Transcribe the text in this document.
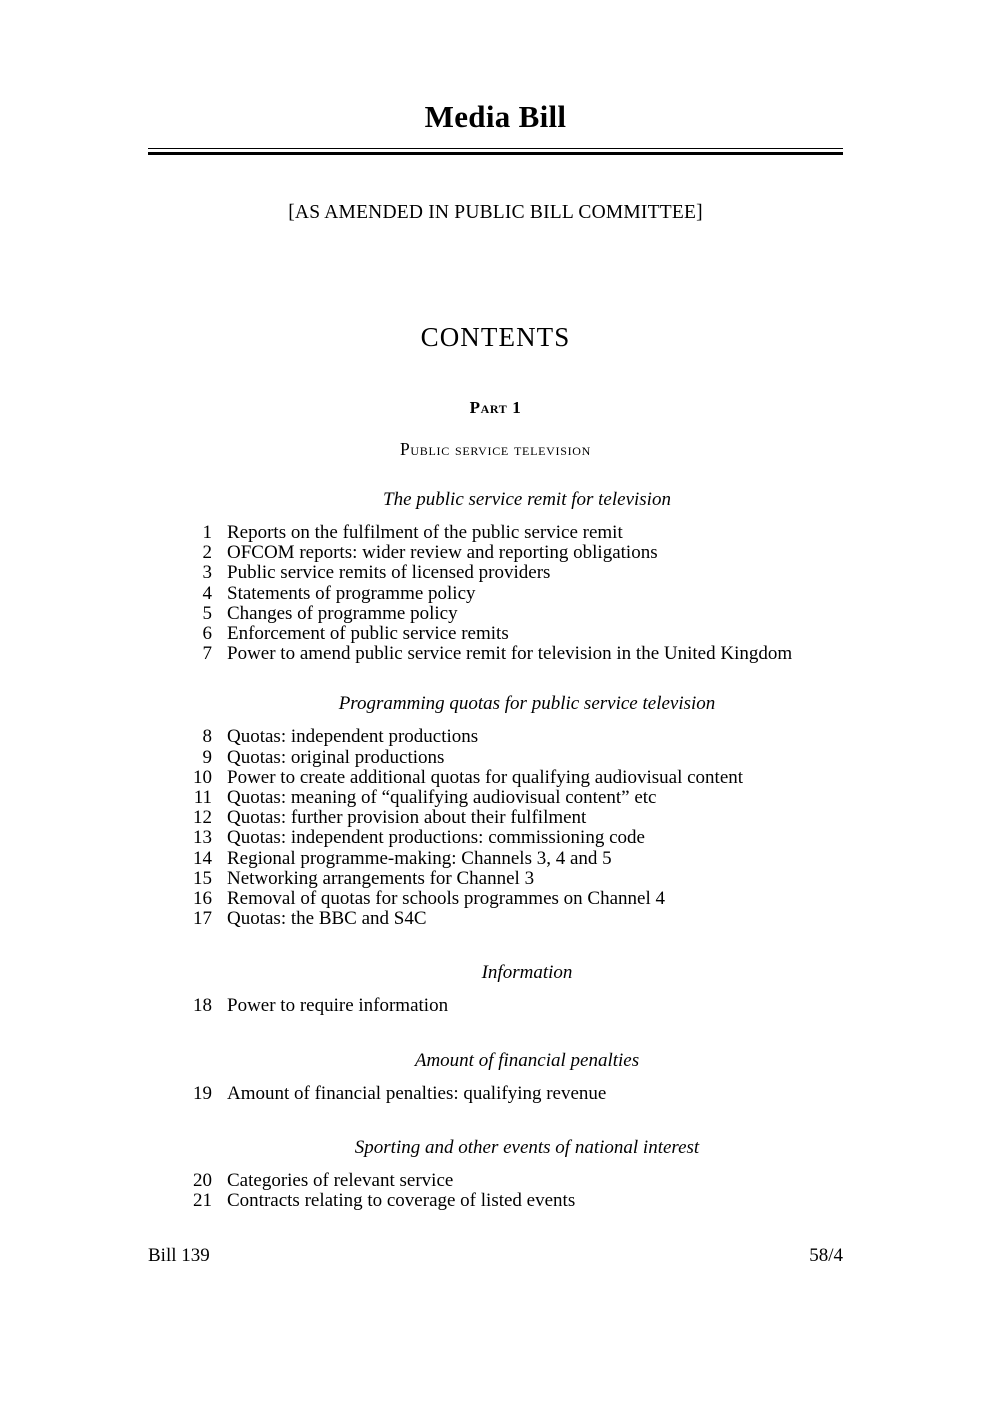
Media Bill
[AS AMENDED IN PUBLIC BILL COMMITTEE]
CONTENTS
Part 1
Public service television
The public service remit for television
1 Reports on the fulfilment of the public service remit
2 OFCOM reports: wider review and reporting obligations
3 Public service remits of licensed providers
4 Statements of programme policy
5 Changes of programme policy
6 Enforcement of public service remits
7 Power to amend public service remit for television in the United Kingdom
Programming quotas for public service television
8 Quotas: independent productions
9 Quotas: original productions
10 Power to create additional quotas for qualifying audiovisual content
11 Quotas: meaning of “qualifying audiovisual content” etc
12 Quotas: further provision about their fulfilment
13 Quotas: independent productions: commissioning code
14 Regional programme-making: Channels 3, 4 and 5
15 Networking arrangements for Channel 3
16 Removal of quotas for schools programmes on Channel 4
17 Quotas: the BBC and S4C
Information
18 Power to require information
Amount of financial penalties
19 Amount of financial penalties: qualifying revenue
Sporting and other events of national interest
20 Categories of relevant service
21 Contracts relating to coverage of listed events
Bill 139	58/4
